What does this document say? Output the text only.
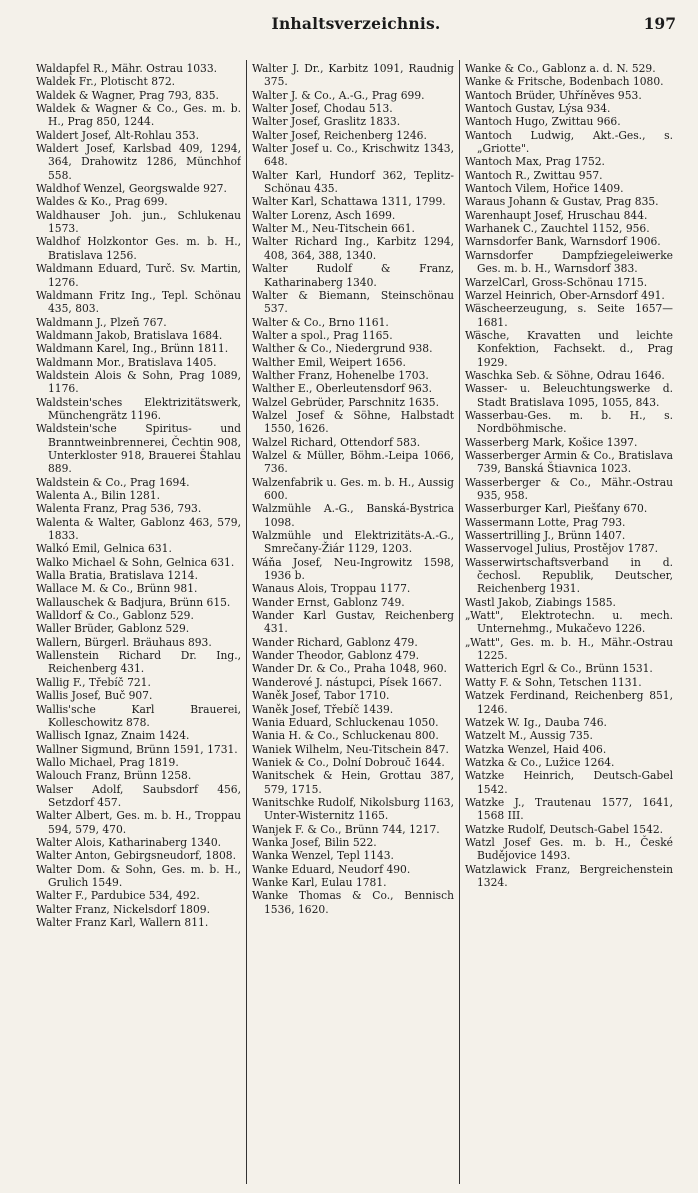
Inhaltsverzeichnis.	197

Waldapfel R., Mähr. Ostrau 1033.

Waldek Fr., Plotischt 872.

Waldek & Wagner, Prag 793, 835.

Waldek & Wagner & Co., Ges. m. b. H., Prag 850, 1244.

Waldert Josef, Alt-Rohlau 353.

Waldert Josef, Karlsbad 409, 1294, 364, Drahowitz 1286, Münchhof 558.

Waldhof Wenzel, Georgswalde 927.

Waldes & Ko., Prag 699.

Waldhauser Joh. jun., Schlukenau 1573.

Waldhof Holzkontor Ges. m. b. H., Bratislava 1256.

Waldmann Eduard, Turč. Sv. Martin, 1276.

Waldmann Fritz Ing., Tepl. Schönau 435, 803.

Waldmann J., Plzeň 767.

Waldmann Jakob, Bratislava 1684.

Waldmann Karel, Ing., Brünn 1811.

Waldmann Mor., Bratislava 1405.

Waldstein Alois & Sohn, Prag 1089, 1176.

Waldstein'sches Elektrizitätswerk, Münchengrätz 1196.

Waldstein'sche Spiritus- und Branntweinbrennerei, Čechtin 908, Unterkloster 918, Brauerei Štahlau 889.

Waldstein & Co., Prag 1694.

Walenta A., Bilin 1281.

Walenta Franz, Prag 536, 793.

Walenta & Walter, Gablonz 463, 579, 1833.

Walkó Emil, Gelnica 631.

Walko Michael & Sohn, Gelnica 631.

Walla Bratia, Bratislava 1214.

Wallace M. & Co., Brünn 981.

Wallauschek & Badjura, Brünn 615.

Walldorf & Co., Gablonz 529.

Waller Brüder, Gablonz 529.

Wallern, Bürgerl. Bräuhaus 893.

Wallenstein Richard Dr. Ing., Reichenberg 431.

Wallig F., Třebíč 721.

Wallis Josef, Buč 907.

Wallis'sche Karl Brauerei, Kolleschowitz 878.

Wallisch Ignaz, Znaim 1424.

Wallner Sigmund, Brünn 1591, 1731.

Wallo Michael, Prag 1819.

Walouch Franz, Brünn 1258.

Walser Adolf, Saubsdorf 456, Setzdorf 457.

Walter Albert, Ges. m. b. H., Troppau 594, 579, 470.

Walter Alois, Katharinaberg 1340.

Walter Anton, Gebirgsneudorf, 1808.

Walter Dom. & Sohn, Ges. m. b. H., Grulich 1549.

Walter F., Pardubice 534, 492.

Walter Franz, Nickelsdorf 1809.

Walter Franz Karl, Wallern 811.

Walter J. Dr., Karbitz 1091, Raudnig 375.

Walter J. & Co., A.-G., Prag 699.

Walter Josef, Chodau 513.

Walter Josef, Graslitz 1833.

Walter Josef, Reichenberg 1246.

Walter Josef u. Co., Krischwitz 1343, 648.

Walter Karl, Hundorf 362, Teplitz-Schönau 435.

Walter Karl, Schattawa 1311, 1799.

Walter Lorenz, Asch 1699.

Walter M., Neu-Titschein 661.

Walter Richard Ing., Karbitz 1294, 408, 364, 388, 1340.

Walter Rudolf & Franz, Katharinaberg 1340.

Walter & Biemann, Steinschönau 537.

Walter & Co., Brno 1161.

Walter a spol., Prag 1165.

Walther & Co., Niedergrund 938.

Walther Emil, Weipert 1656.

Walther Franz, Hohenelbe 1703.

Walther E., Oberleutensdorf 963.

Walzel Gebrüder, Parschnitz 1635.

Walzel Josef & Söhne, Halbstadt 1550, 1626.

Walzel Richard, Ottendorf 583.

Walzel & Müller, Böhm.-Leipa 1066, 736.

Walzenfabrik u. Ges. m. b. H., Aussig 600.

Walzmühle A.-G., Banská-Bystrica 1098.

Walzmühle und Elektrizitäts-A.-G., Smrečany-Žiár 1129, 1203.

Wáňa Josef, Neu-Ingrowitz 1598, 1936 b.

Wanaus Alois, Troppau 1177.

Wander Ernst, Gablonz 749.

Wander Karl Gustav, Reichenberg 431.

Wander Richard, Gablonz 479.

Wander Theodor, Gablonz 479.

Wander Dr. & Co., Praha 1048, 960.

Wanderové J. nástupci, Písek 1667.

Waněk Josef, Tabor 1710.

Waněk Josef, Třebíč 1439.

Wania Eduard, Schluckenau 1050.

Wania H. & Co., Schluckenau 800.

Waniek Wilhelm, Neu-Titschein 847.

Waniek & Co., Dolní Dobrouč 1644.

Wanitschek & Hein, Grottau 387, 579, 1715.

Wanitschke Rudolf, Nikolsburg 1163, Unter-Wisternitz 1165.

Wanjek F. & Co., Brünn 744, 1217.

Wanka Josef, Bilin 522.

Wanka Wenzel, Tepl 1143.

Wanke Eduard, Neudorf 490.

Wanke Karl, Eulau 1781.

Wanke Thomas & Co., Bennisch 1536, 1620.

Wanke & Co., Gablonz a. d. N. 529.

Wanke & Fritsche, Bodenbach 1080.

Wantoch Brüder, Uhříněves 953.

Wantoch Gustav, Lýsa 934.

Wantoch Hugo, Zwittau 966.

Wantoch Ludwig, Akt.-Ges., s. „Griotte".

Wantoch Max, Prag 1752.

Wantoch R., Zwittau 957.

Wantoch Vilem, Hořice 1409.

Waraus Johann & Gustav, Prag 835.

Warenhaupt Josef, Hruschau 844.

Warhanek C., Zauchtel 1152, 956.

Warnsdorfer Bank, Warnsdorf 1906.

Warnsdorfer Dampfziegeleiwerke Ges. m. b. H., Warnsdorf 383.

WarzelCarl, Gross-Schönau 1715.

Warzel Heinrich, Ober-Arnsdorf 491.

Wäscheerzeugung, s. Seite 1657—1681.

Wäsche, Kravatten und leichte Konfektion, Fachsekt. d., Prag 1929.

Waschka Seb. & Söhne, Odrau 1646.

Wasser- u. Beleuchtungswerke d. Stadt Bratislava 1095, 1055, 843.

Wasserbau-Ges. m. b. H., s. Nordböhmische.

Wasserberg Mark, Košice 1397.

Wasserberger Armin & Co., Bratislava 739, Banská Štiavnica 1023.

Wasserberger & Co., Mähr.-Ostrau 935, 958.

Wasserburger Karl, Piešťany 670.

Wassermann Lotte, Prag 793.

Wassertrilling J., Brünn 1407.

Wasservogel Julius, Prostějov 1787.

Wasserwirtschaftsverband in d. čechosl. Republik, Deutscher, Reichenberg 1931.

Wastl Jakob, Ziabings 1585.

„Watt", Elektrotechn. u. mech. Unternehmg., Mukačevo 1226.

„Watt", Ges. m. b. H., Mähr.-Ostrau 1225.

Watterich Egrl & Co., Brünn 1531.

Watty F. & Sohn, Tetschen 1131.

Watzek Ferdinand, Reichenberg 851, 1246.

Watzek W. Ig., Dauba 746.

Watzelt M., Aussig 735.

Watzka Wenzel, Haid 406.

Watzka & Co., Lužice 1264.

Watzke Heinrich, Deutsch-Gabel 1542.

Watzke J., Trautenau 1577, 1641, 1568 III.

Watzke Rudolf, Deutsch-Gabel 1542.

Watzl Josef Ges. m. b. H., České Budějovice 1493.

Watzlawick Franz, Bergreichenstein 1324.
